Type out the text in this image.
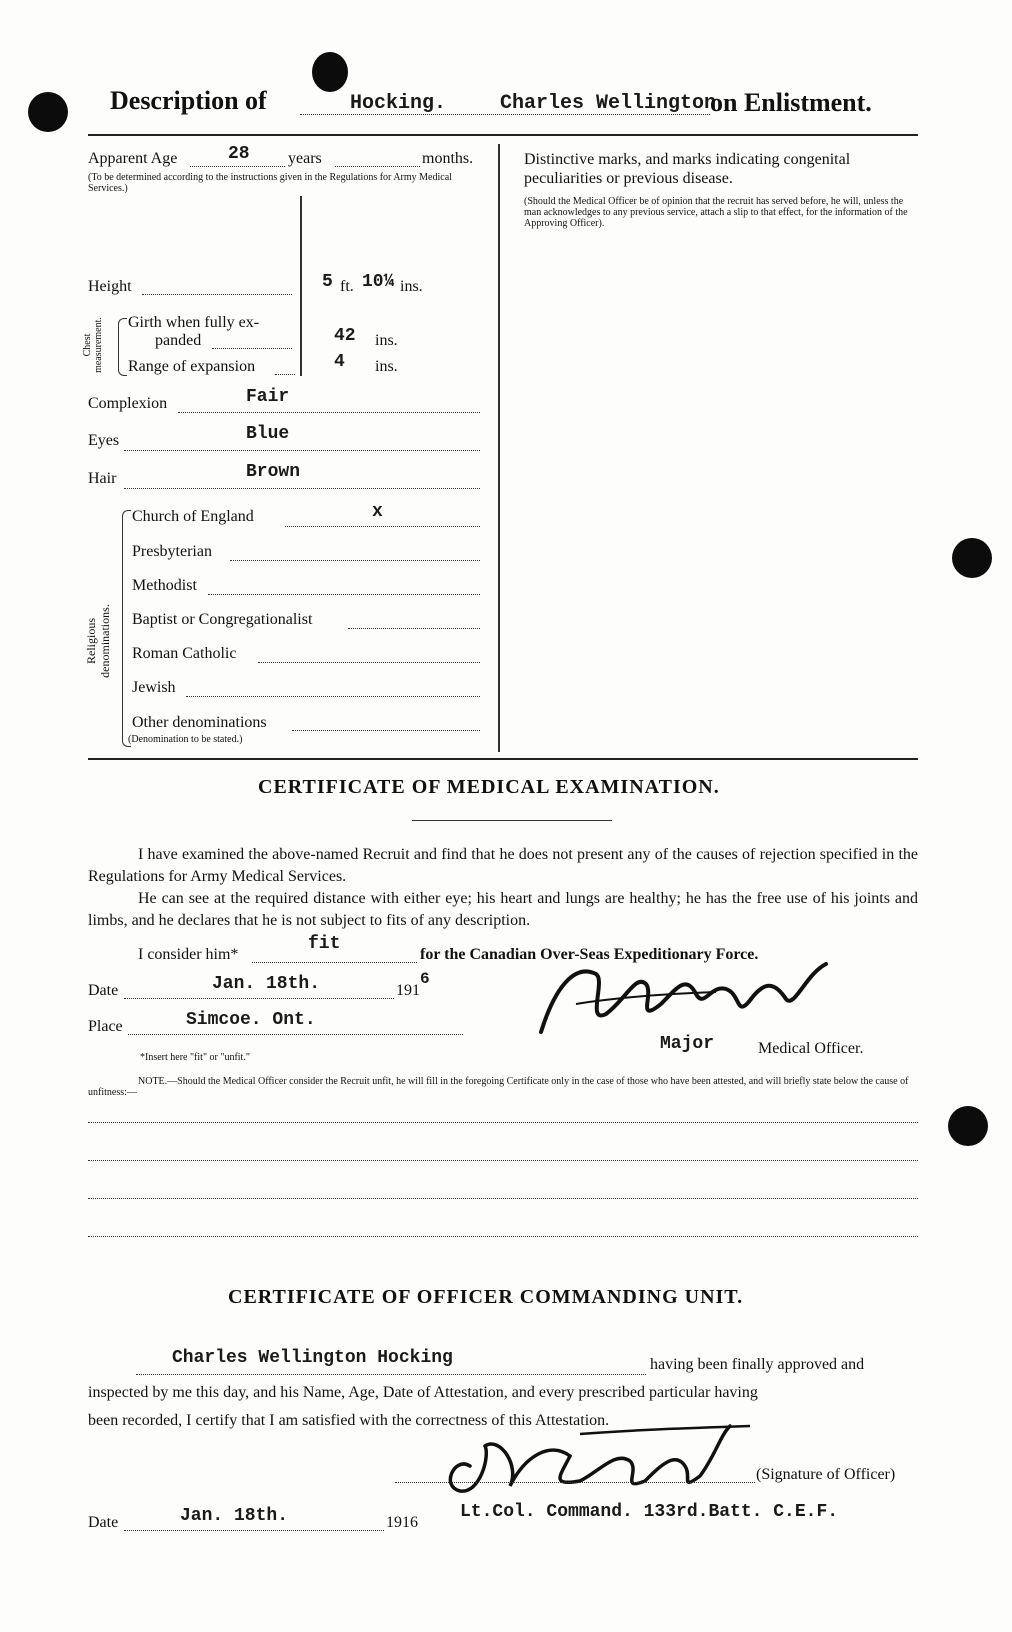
Description of	Hocking.	Charles Wellington
on Enlistment.
Apparent Age	28 years	months.
(To be determined according to the instructions given in the Regulations for Army Medical Services.)
Height	5 ft. 10¼ ins.
Chest measurement. Girth when fully ex-
panded	42 ins.
Range of expansion	4 ins.
Complexion	Fair
Eyes	Blue
Hair	Brown
Religious denominations.
Church of England	x
Presbyterian
Methodist
Baptist or Congregationalist
Roman Catholic
Jewish
Other denominations
(Denomination to be stated.)
Distinctive marks, and marks indicating congenital peculiarities or previous disease.
(Should the Medical Officer be of opinion that the recruit has served before, he will, unless the man acknowledges to any previous service, attach a slip to that effect, for the information of the Approving Officer).
CERTIFICATE OF MEDICAL EXAMINATION.
I have examined the above-named Recruit and find that he does not present any of the causes of rejection specified in the Regulations for Army Medical Services.
He can see at the required distance with either eye; his heart and lungs are healthy; he has the free use of his joints and limbs, and he declares that he is not subject to fits of any description.
I consider him*
fit
for the Canadian Over-Seas Expeditionary Force.
Date	Jan. 18th.	191
6
Place	Simcoe. Ont.
Major	Medical Officer.
*Insert here "fit" or "unfit."
NOTE.—Should the Medical Officer consider the Recruit unfit, he will fill in the foregoing Certificate only in the case of those who have been attested, and will briefly state below the cause of unfitness:—
CERTIFICATE OF OFFICER COMMANDING UNIT.
Charles Wellington Hocking	having been finally approved and
inspected by me this day, and his Name, Age, Date of Attestation, and every prescribed particular having
been recorded, I certify that I am satisfied with the correctness of this Attestation.
(Signature of Officer)
Date	Jan. 18th.	1916
Lt.Col. Command. 133rd.Batt. C.E.F.
